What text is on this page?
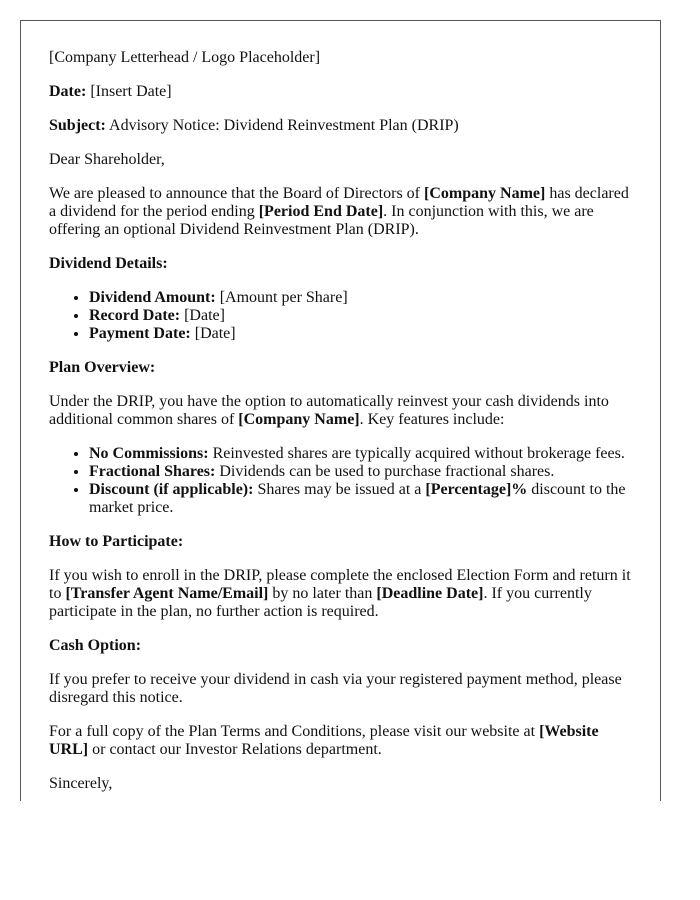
[Company Letterhead / Logo Placeholder]

Date: [Insert Date]

Subject: Advisory Notice: Dividend Reinvestment Plan (DRIP)

Dear Shareholder,

We are pleased to announce that the Board of Directors of [Company Name] has declared a dividend for the period ending [Period End Date]. In conjunction with this, we are offering an optional Dividend Reinvestment Plan (DRIP).

Dividend Details:

• Dividend Amount: [Amount per Share]
• Record Date: [Date]
• Payment Date: [Date]

Plan Overview:

Under the DRIP, you have the option to automatically reinvest your cash dividends into additional common shares of [Company Name]. Key features include:

• No Commissions: Reinvested shares are typically acquired without brokerage fees.
• Fractional Shares: Dividends can be used to purchase fractional shares.
• Discount (if applicable): Shares may be issued at a [Percentage]% discount to the market price.

How to Participate:

If you wish to enroll in the DRIP, please complete the enclosed Election Form and return it to [Transfer Agent Name/Email] by no later than [Deadline Date]. If you currently participate in the plan, no further action is required.

Cash Option:

If you prefer to receive your dividend in cash via your registered payment method, please disregard this notice.

For a full copy of the Plan Terms and Conditions, please visit our website at [Website URL] or contact our Investor Relations department.

Sincerely,
